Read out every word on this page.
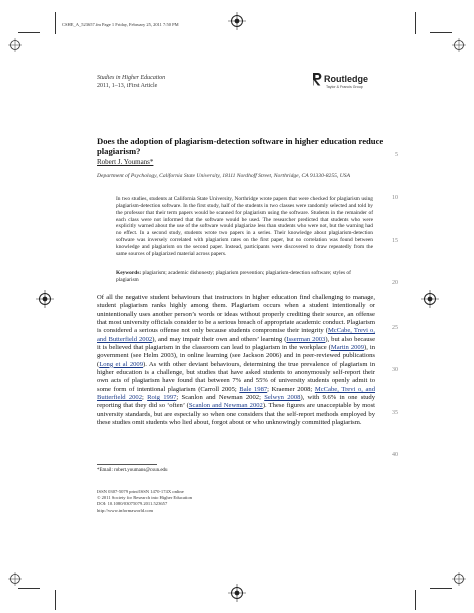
CSHE_A_523657.fm Page 1 Friday, February 25, 2011 7:50 PM
Studies in Higher Education
2011, 1–13, iFirst Article
Routledge
Taylor & Francis Group
Does the adoption of plagiarism-detection software in higher education reduce plagiarism?
Robert J. Youmans*
Department of Psychology, California State University, 18111 Nordhoff Street, Northridge, CA 91330-8255, USA
In two studies, students at California State University, Northridge wrote papers that were checked for plagiarism using plagiarism-detection software. In the first study, half of the students in two classes were randomly selected and told by the professor that their term papers would be scanned for plagiarism using the software. Students in the remainder of each class were not informed that the software would be used. The researcher predicted that students who were explicitly warned about the use of the software would plagiarize less than students who were not, but the warning had no effect. In a second study, students wrote two papers in a series. Their knowledge about plagiarism-detection software was inversely correlated with plagiarism rates on the first paper, but no correlation was found between knowledge and plagiarism on the second paper. Instead, participants were discovered to draw repeatedly from the same sources of plagiarized material across papers.
Keywords: plagiarism; academic dishonesty; plagiarism prevention; plagiarism-detection software; styles of plagiarism
Of all the negative student behaviours that instructors in higher education find challenging to manage, student plagiarism ranks highly among them. Plagiarism occurs when a student intentionally or unintentionally uses another person’s words or ideas without properly crediting their source, an offense that most university officials consider to be a serious breach of appropriate academic conduct. Plagiarism is considered a serious offense not only because students compromise their integrity (McCabe, Trevi o, and Butterfield 2002), and may impair their own and others’ learning (Isserman 2003), but also because it is believed that plagiarism in the classroom can lead to plagiarism in the workplace (Martin 2009), in government (see Helm 2003), in online learning (see Jackson 2006) and in peer-reviewed publications (Long et al 2009). As with other deviant behaviours, determining the true prevalence of plagiarism in higher education is a challenge, but studies that have asked students to anonymously self-report their own acts of plagiarism have found that between 7% and 55% of university students openly admit to some form of intentional plagiarism (Carroll 2005; Bale 1987; Kraemer 2008; McCabe, Trevi o, and Butterfield 2002; Roig 1997; Scanlon and Newman 2002; Selwyn 2008), with 9.6% in one study reporting that they did so ‘often’ (Scanlon and Newman 2002). These figures are unacceptable by most university standards, but are especially so when one considers that the self-report methods employed by these studies omit students who lied about, forgot about or who unknowingly committed plagiarism.
5
10
15
20
25
30
35
40
*Email: robert.youmans@csun.edu
ISSN 0307-5079 print/ISSN 1470-174X online
© 2011 Society for Research into Higher Education
DOI: 10.1080/03075079.2011.523657
http://www.informaworld.com
